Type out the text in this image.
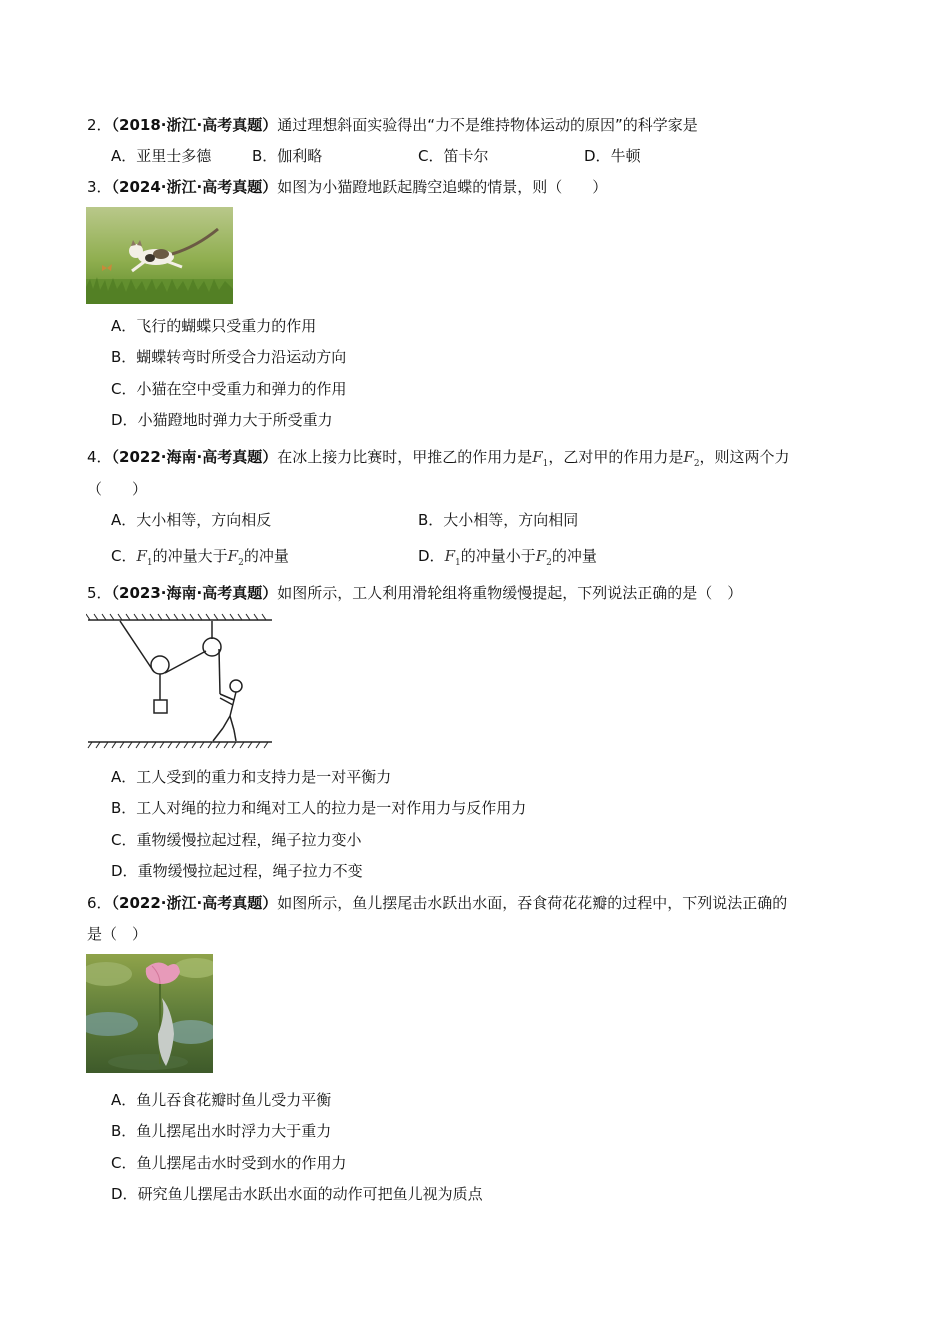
2．（2018·浙江·高考真题）通过理想斜面实验得出“力不是维持物体运动的原因”的科学家是
A．亚里士多德	B．伽利略	C．笛卡尔	D．牛顿
3．（2024·浙江·高考真题）如图为小猫蹬地跃起腾空追蝶的情景，则（　　）
A．飞行的蝴蝶只受重力的作用
B．蝴蝶转弯时所受合力沿运动方向
C．小猫在空中受重力和弹力的作用
D．小猫蹬地时弹力大于所受重力
4．（2022·海南·高考真题）在冰上接力比赛时，甲推乙的作用力是$F_1$，乙对甲的作用力是$F_2$，则这两个力
（　　）
A．大小相等，方向相反	B．大小相等，方向相同
C．$F_1$的冲量大于$F_2$的冲量	D．$F_1$的冲量小于$F_2$的冲量
5．（2023·海南·高考真题）如图所示，工人利用滑轮组将重物缓慢提起，下列说法正确的是（　）
A．工人受到的重力和支持力是一对平衡力
B．工人对绳的拉力和绳对工人的拉力是一对作用力与反作用力
C．重物缓慢拉起过程，绳子拉力变小
D．重物缓慢拉起过程，绳子拉力不变
6．（2022·浙江·高考真题）如图所示，鱼儿摆尾击水跃出水面，吞食荷花花瓣的过程中，下列说法正确的
是（　）
A．鱼儿吞食花瓣时鱼儿受力平衡
B．鱼儿摆尾出水时浮力大于重力
C．鱼儿摆尾击水时受到水的作用力
D．研究鱼儿摆尾击水跃出水面的动作可把鱼儿视为质点
